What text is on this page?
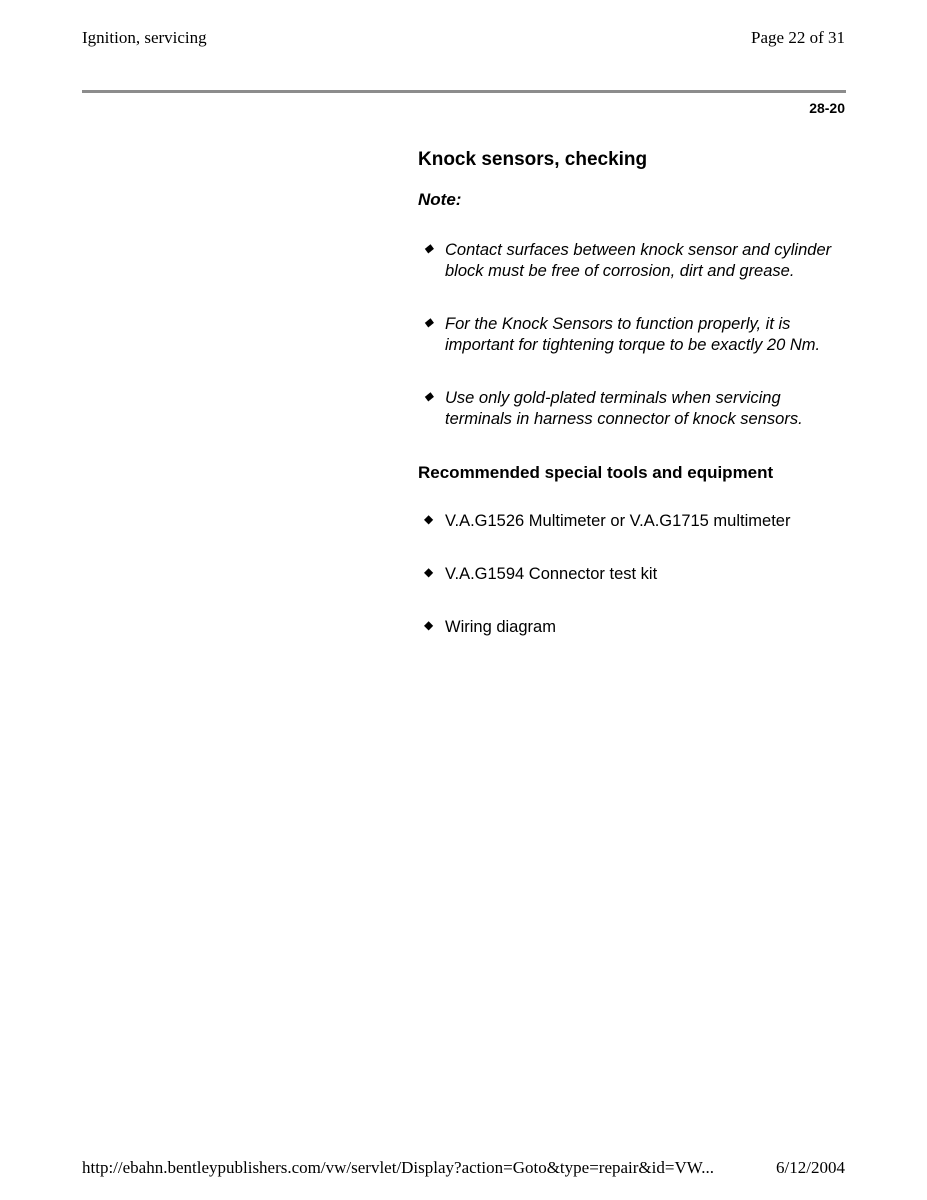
Ignition, servicing	Page 22 of 31
28-20
Knock sensors, checking
Note:
◆ Contact surfaces between knock sensor and cylinder block must be free of corrosion, dirt and grease.
◆ For the Knock Sensors to function properly, it is important for tightening torque to be exactly 20 Nm.
◆ Use only gold-plated terminals when servicing terminals in harness connector of knock sensors.
Recommended special tools and equipment
◆ V.A.G1526 Multimeter or V.A.G1715 multimeter
◆ V.A.G1594 Connector test kit
◆ Wiring diagram
http://ebahn.bentleypublishers.com/vw/servlet/Display?action=Goto&type=repair&id=VW...	6/12/2004
